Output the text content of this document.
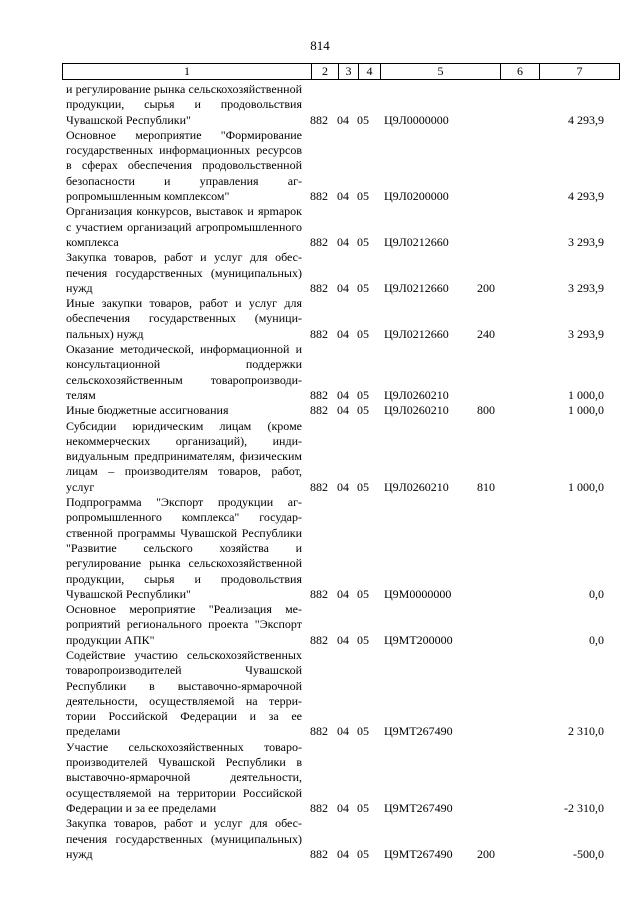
814
1	2	3	4	5	6	7
и регулирование рынка сельскохозяйственной продукции, сырья и продовольствия Чувашской Республики"	882 04 05 Ц9Л0000000	4 293,9
Основное мероприятие "Формирование государственных информационных ресурсов в сферах обеспечения продовольственной безопасности и управления агропромышленным комплексом"	882 04 05 Ц9Л0200000	4 293,9
Организация конкурсов, выставок и ярmарок с участием организаций агропромышленного комплекса	882 04 05 Ц9Л0212660	3 293,9
Закупка товаров, работ и услуг для обеспечения государственных (муниципальных) нужд	882 04 05 Ц9Л0212660 200	3 293,9
Иные закупки товаров, работ и услуг для обеспечения государственных (муниципальных) нужд	882 04 05 Ц9Л0212660 240	3 293,9
Оказание методической, информационной и консультационной поддержки сельскохозяйственным товаропроизводителям	882 04 05 Ц9Л0260210	1 000,0
Иные бюджетные ассигнования	882 04 05 Ц9Л0260210 800	1 000,0
Субсидии юридическим лицам (кроме некоммерческих организаций), индивидуальным предпринимателям, физическим лицам – производителям товаров, работ, услуг	882 04 05 Ц9Л0260210 810	1 000,0
Подпрограмма "Экспорт продукции агропромышленного комплекса" государственной программы Чувашской Республики "Развитие сельского хозяйства и регулирование рынка сельскохозяйственной продукции, сырья и продовольствия Чувашской Республики"	882 04 05 Ц9М0000000	0,0
Основное мероприятие "Реализация мероприятий регионального проекта "Экспорт продукции АПК"	882 04 05 Ц9МТ200000	0,0
Содействие участию сельскохозяйственных товаропроизводителей Чувашской Республики в выставочно-ярмарочной деятельности, осуществляемой на территории Российской Федерации и за ее пределами	882 04 05 Ц9МТ267490	2 310,0
Участие сельскохозяйственных товаропроизводителей Чувашской Республики в выставочно-ярмарочной деятельности, осуществляемой на территории Российской Федерации и за ее пределами	882 04 05 Ц9МТ267490	-2 310,0
Закупка товаров, работ и услуг для обеспечения государственных (муниципальных) нужд	882 04 05 Ц9МТ267490 200	-500,0
